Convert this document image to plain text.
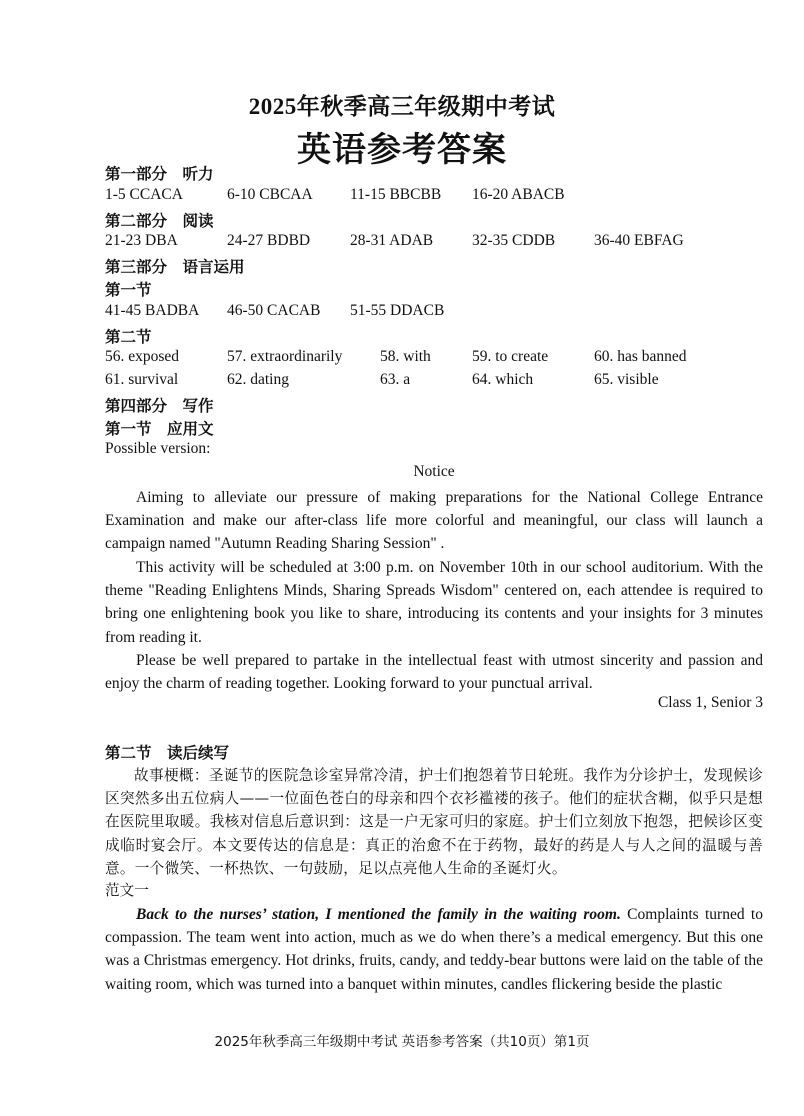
2025年秋季高三年级期中考试
英语参考答案
第一部分　听力
1-5 CCACA	6-10 CBCAA 11-15 BBCBB 16-20 ABACB
第二部分　阅读
21-23 DBA	24-27 BDBD	28-31 ADAB	32-35 CDDB	36-40 EBFAG
第三部分　语言运用
第一节
41-45 BADBA 46-50 CACAB 51-55 DDACB
第二节
56. exposed	57. extraordinarily 58. with	59. to create	60. has banned
61. survival	62. dating	63. a	64. which	65. visible
第四部分　写作
第一节　应用文
Possible version:
Notice
Aiming to alleviate our pressure of making preparations for the National College Entrance Examination and make our after-class life more colorful and meaningful, our class will launch a campaign named "Autumn Reading Sharing Session" .
This activity will be scheduled at 3:00 p.m. on November 10th in our school auditorium. With the theme "Reading Enlightens Minds, Sharing Spreads Wisdom" centered on, each attendee is required to bring one enlightening book you like to share, introducing its contents and your insights for 3 minutes from reading it.
Please be well prepared to partake in the intellectual feast with utmost sincerity and passion and enjoy the charm of reading together. Looking forward to your punctual arrival.
Class 1, Senior 3
第二节　读后续写
故事梗概：圣诞节的医院急诊室异常冷清，护士们抱怨着节日轮班。我作为分诊护士，发现候诊区突然多出五位病人——一位面色苍白的母亲和四个衣衫褴褛的孩子。他们的症状含糊，似乎只是想在医院里取暖。我核对信息后意识到：这是一户无家可归的家庭。护士们立刻放下抱怨，把候诊区变成临时宴会厅。本文要传达的信息是：真正的治愈不在于药物，最好的药是人与人之间的温暖与善意。一个微笑、一杯热饮、一句鼓励，足以点亮他人生命的圣诞灯火。
范文一
Back to the nurses’ station, I mentioned the family in the waiting room. Complaints turned to compassion. The team went into action, much as we do when there’s a medical emergency. But this one was a Christmas emergency. Hot drinks, fruits, candy, and teddy-bear buttons were laid on the table of the waiting room, which was turned into a banquet within minutes, candles flickering beside the plastic
2025年秋季高三年级期中考试 英语参考答案（共10页）第1页
